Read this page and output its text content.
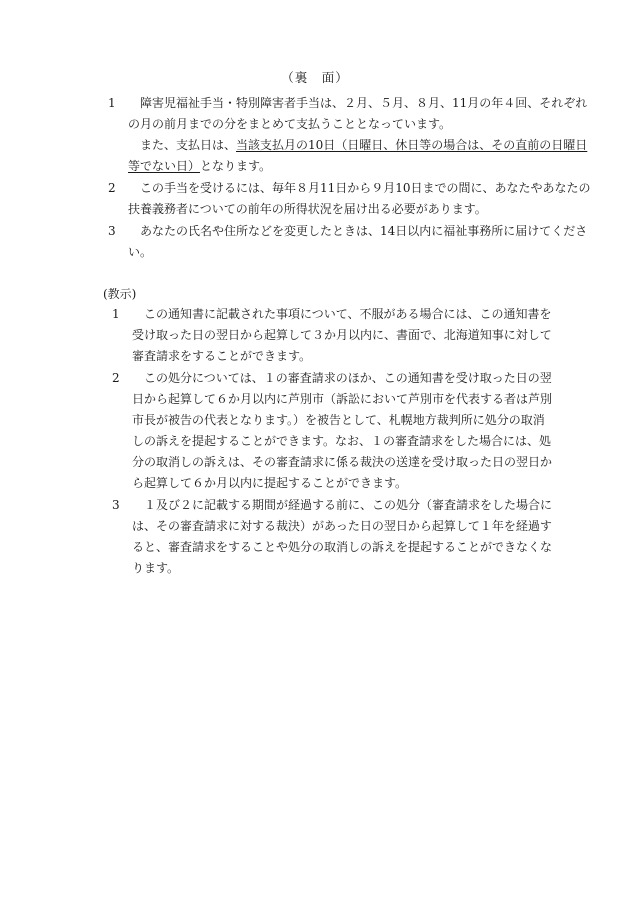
（裏　面）
1	障害児福祉手当・特別障害者手当は、２月、５月、８月、11月の年４回、それぞれ
の月の前月までの分をまとめて支払うこととなっています。
また、支払日は、当該支払月の10日（日曜日、休日等の場合は、その直前の日曜日
等でない日）となります。
2	この手当を受けるには、毎年８月11日から９月10日までの間に、あなたやあなたの
扶養義務者についての前年の所得状況を届け出る必要があります。
3	あなたの氏名や住所などを変更したときは、14日以内に福祉事務所に届けてくださ
い。
(教示)
1	この通知書に記載された事項について、不服がある場合には、この通知書を
受け取った日の翌日から起算して３か月以内に、書面で、北海道知事に対して
審査請求をすることができます。
2	この処分については、１の審査請求のほか、この通知書を受け取った日の翌
日から起算して６か月以内に芦別市（訴訟において芦別市を代表する者は芦別
市長が被告の代表となります。）を被告として、札幌地方裁判所に処分の取消
しの訴えを提起することができます。なお、１の審査請求をした場合には、処
分の取消しの訴えは、その審査請求に係る裁決の送達を受け取った日の翌日か
ら起算して６か月以内に提起することができます。
3	１及び２に記載する期間が経過する前に、この処分（審査請求をした場合に
は、その審査請求に対する裁決）があった日の翌日から起算して１年を経過す
ると、審査請求をすることや処分の取消しの訴えを提起することができなくな
ります。
